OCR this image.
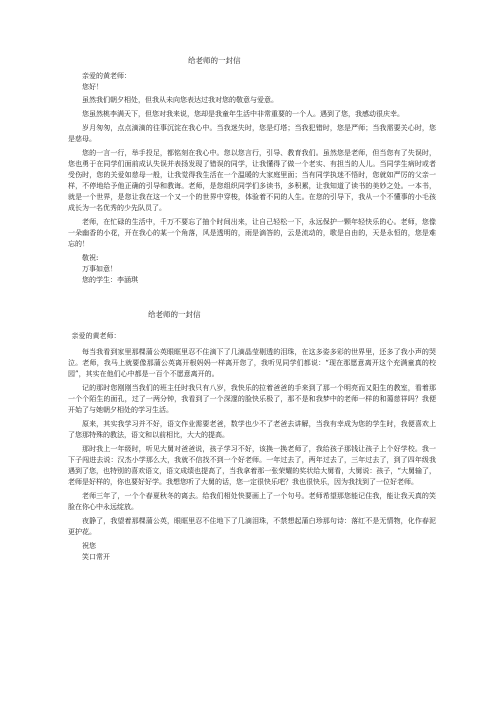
给老师的一封信
亲爱的黄老师：
您好！

虽然我们朝夕相处，但我从未向您表达过我对您的敬意与爱意。

您虽然桃李满天下，但您对我来说，您却是我童年生活中非常重要的一个人。遇到了您，我感动很庆幸。

岁月匆匆，点点滴滴的往事沉淀在我心中。当我迷失时，您是灯塔；当我犯错时，您是严师；当我需要关心时，您是慈母。

您的一言一行，举手投足，都铭刻在我心中。您以您言行，引导、教育我们。虽然您是老师，但当您有了失误时，您也勇于在同学们面前成认失误并表扬发现了错误的同学，让我懂得了做一个老实、有担当的人儿。当同学生病时或者受伤时，您的关爱如慈母一般，让我觉得我生活在一个温暖的大家庭里面；当有同学执迷不悟时，您就如严厉的父亲一样，不停地给予他正确的引导和教诲。老师，是您组织同学们多读书，多积累，让我知道了读书的美妙之处。一本书，就是一个世界，是您让我在这一个又一个的世界中穿梭，体验着不同的人生。在您的引导下，我从一个不懂事的小毛孩成长为一名优秀的少先队员了。

老师，在忙碌的生活中，千万不要忘了抽个时间出来，让自己轻松一下，永远保护一颗年轻快乐的心。老师，您像一朵幽香的小花，开在我心的某一个角落，风是透明的，雨是滴答的，云是流动的，歌是自由的，天是永恒的，您是难忘的！

敬祝:
万事如意！
您的学生：李涵琪
给老师的一封信
亲爱的黄老师：

每当我看到家里那棵蒲公英眼眶里忍不住滴下了几滴晶莹剔透的泪珠，在这多姿多彩的世界里，还多了我小声的哭泣。老师，我马上就要像那蒲公英离开根妈妈一样离开您了，我听见同学们都说：“现在那愿意离开这个充满童真的校园”，其实在他们心中都是一百个不愿意离开的。

记的那时您刚刚当我们的班主任时我只有八岁，我快乐的拉着爸爸的手来到了那一个明亮而又阳生的教室，看着那一个个陌生的面孔，过了一两分钟，我看到了一个深邃的脸快乐极了，那不是和我梦中的老师一样的和蔼慈祥吗？我便开始了与她朝夕相处的学习生活。

原来，其实我学习并不好，语文作业需要老爸，数学也少不了老爸去讲解，当我有幸成为您的学生时，我便喜欢上了您那特殊的教法，语文和以前相比，大大的提高。

那时我上一年级时，听见大舅对爸爸说，孩子学习不好，该换一换老师了，我给孩子那钱让孩子上个好学校。我一下子闯进去说：汉杰小学那么大，我就不信找不到一个好老师。一年过去了，两年过去了，三年过去了，到了四年级我遇到了您，也特别的喜欢语文，语文成绩也提高了，当我拿着那一张荣耀的奖状给大舅看，大舅说：孩子，“大舅输了，老师是好样的，你也要好好学。我想您听了大舅的话，您一定很快乐吧？我也很快乐，因为我找到了一位好老师。

老师三年了，一个个春夏秋冬的离去。给我们相处快要画上了一个句号。老师希望那您能记住我，能让我天真的笑脸在你心中永远绽放。

夜静了，我望着那棵蒲公英，眼眶里忍不住地下了几滴泪珠，不禁想起蒲白珍那句诗：落红不是无情物，化作春泥更护花。

祝您
笑口常开
